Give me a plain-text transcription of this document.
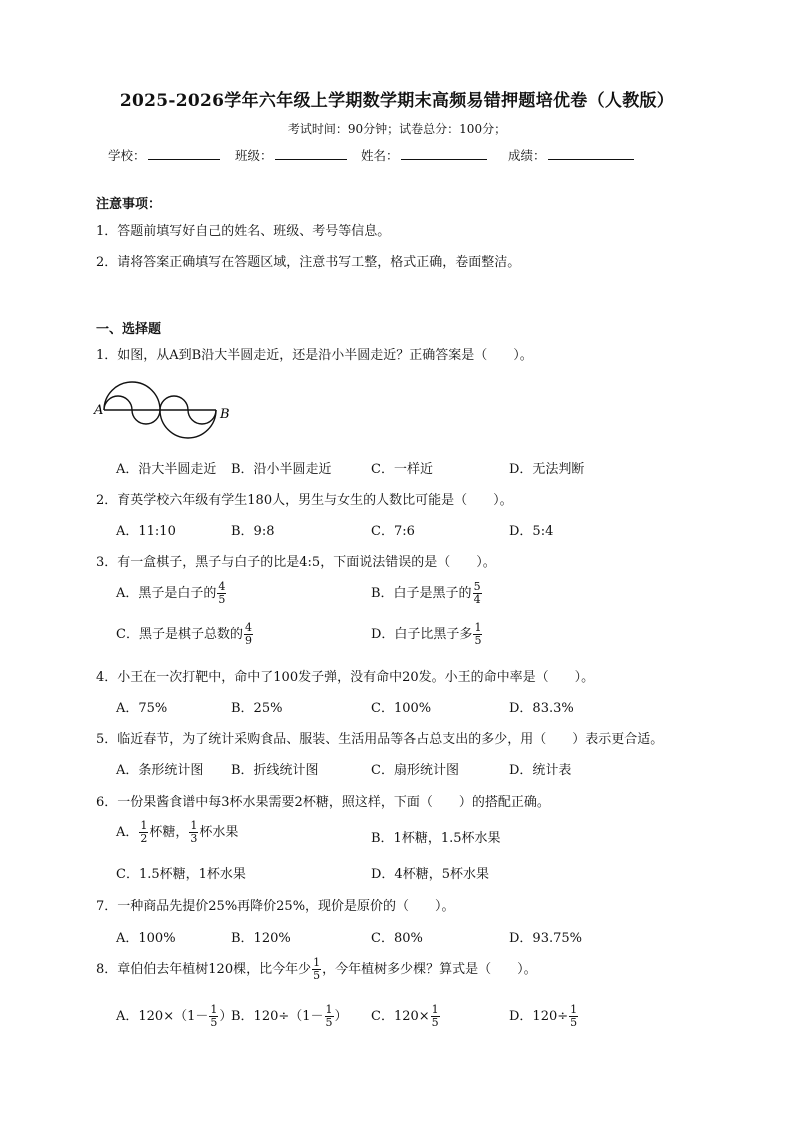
2025-2026学年六年级上学期数学期末高频易错押题培优卷（人教版）
考试时间：90分钟；试卷总分：100分；
学校：	班级：	姓名：	成绩：
注意事项：
1．答题前填写好自己的姓名、班级、考号等信息。
2．请将答案正确填写在答题区域，注意书写工整，格式正确，卷面整洁。
一、选择题
1．如图，从A到B沿大半圆走近，还是沿小半圆走近？正确答案是（　　）。
A	B
A．沿大半圆走近 B．沿小半圆走近	C．一样近	D．无法判断
2．育英学校六年级有学生180人，男生与女生的人数比可能是（　　）。
A．11:10	B．9:8	C．7:6	D．5:4
3．有一盒棋子，黑子与白子的比是4:5，下面说法错误的是（　　）。
A．黑子是白子的 $\frac{4}{5}$	B．白子是黑子的 $\frac{5}{4}$
C．黑子是棋子总数的 $\frac{4}{9}$	D．白子比黑子多 $\frac{1}{5}$
4．小王在一次打靶中，命中了100发子弹，没有命中20发。小王的命中率是（　　）。
A．75%	B．25%	C．100%	D．83.3%
5．临近春节，为了统计采购食品、服装、生活用品等各占总支出的多少，用（　　）表示更合适。
A．条形统计图 B．折线统计图	C．扇形统计图	D．统计表
6．一份果酱食谱中每3杯水果需要2杯糖，照这样，下面（　　）的搭配正确。
A． $\frac{1}{2}$ 杯糖， $\frac{1}{3}$ 杯水果	B．1杯糖，1.5杯水果
C．1.5杯糖，1杯水果	D．4杯糖，5杯水果
7．一种商品先提价25%再降价25%，现价是原价的（　　）。
A．100%	B．120%	C．80%	D．93.75%
8．章伯伯去年植树120棵，比今年少 $\frac{1}{5}$ ，今年植树多少棵？算式是（　　）。
A．$120\times(1- \frac{1}{5}$ ）
B．$120\div(1- \frac{1}{5}$ ） C．$120\times \frac{1}{5}$	D．$120\div \frac{1}{5}$
